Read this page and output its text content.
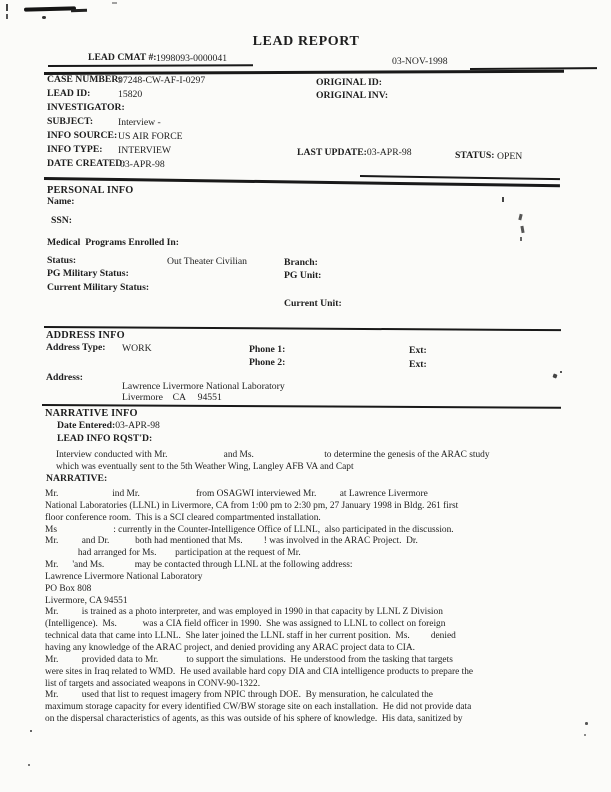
LEAD REPORT
LEAD CMAT #: 1998093-0000041	03-NOV-1998
CASE NUMBER:
97248-CW-AF-I-0297	ORIGINAL ID:
LEAD ID:	15820	ORIGINAL INV:
INVESTIGATOR:
SUBJECT:	Interview -
INFO SOURCE: US AIR FORCE
INFO TYPE: INTERVIEW	LAST UPDATE:03-APR-98	STATUS: OPEN
DATE CREATED:
03-APR-98
PERSONAL INFO
Name:
SSN:
Medical  Programs Enrolled In:
Status:	Out Theater Civilian	Branch:
PG Military Status:	PG Unit:
Current Military Status:
Current Unit:
ADDRESS INFO
Address Type: WORK	Phone 1:	Ext:
Phone 2:	Ext:
Address:
Lawrence Livermore National Laboratory
Livermore    CA     94551
NARRATIVE INFO
Date Entered:03-APR-98
LEAD INFO RQST'D:
Interview conducted with Mr.                        and Ms.                              to determine the genesis of the ARAC study
which was eventually sent to the 5th Weather Wing, Langley AFB VA and Capt
NARRATIVE:
Mr.                       ind Mr.                        from OSAGWI interviewed Mr.          at Lawrence Livermore
National Laboratories (LLNL) in Livermore, CA from 1:00 pm to 2:30 pm, 27 January 1998 in Bldg. 261 first
floor conference room.  This is a SCI cleared compartmented installation.
Ms                        : currently in the Counter-Intelligence Office of LLNL,  also participated in the discussion.
Mr.          and Dr.           both had mentioned that Ms.         ! was involved in the ARAC Project.  Dr.
had arranged for Ms.        participation at the request of Mr.
Mr.      'and Ms.             may be contacted through LLNL at the following address:
Lawrence Livermore National Laboratory
PO Box 808
Livermore, CA 94551
Mr.          is trained as a photo interpreter, and was employed in 1990 in that capacity by LLNL Z Division
(Intelligence).  Ms.           was a CIA field officer in 1990.  She was assigned to LLNL to collect on foreign
technical data that came into LLNL.  She later joined the LLNL staff in her current position.  Ms.         denied
having any knowledge of the ARAC project, and denied providing any ARAC project data to CIA.
Mr.          provided data to Mr.            to support the simulations.  He understood from the tasking that targets
were sites in Iraq related to WMD.  He used available hard copy DIA and CIA intelligence products to prepare the
list of targets and associated weapons in CONV-90-1322.
Mr.          used that list to request imagery from NPIC through DOE.  By mensuration, he calculated the
maximum storage capacity for every identified CW/BW storage site on each installation.  He did not provide data
on the dispersal characteristics of agents, as this was outside of his sphere of knowledge.  His data, sanitized by
